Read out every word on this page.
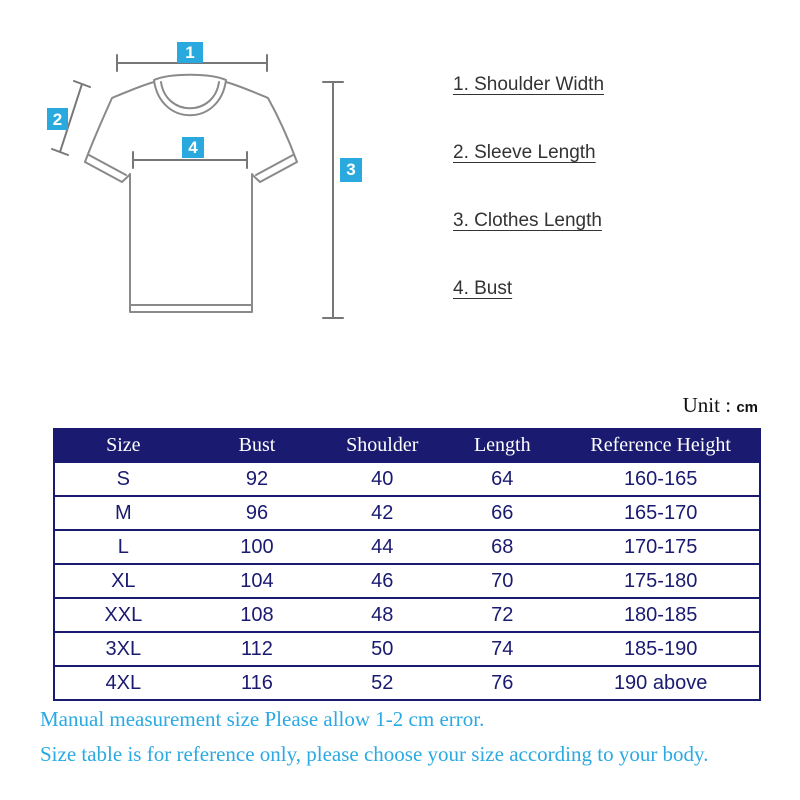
1
2
3
4
1. Shoulder Width
2. Sleeve Length
3. Clothes Length
4. Bust
Unit : cm
Size	Bust	Shoulder	Length	Reference Height
S	92	40	64	160-165
M	96	42	66	165-170
L	100	44	68	170-175
XL	104	46	70	175-180
XXL	108	48	72	180-185
3XL	112	50	74	185-190
4XL	116	52	76	190 above
Manual measurement size Please allow 1-2 cm error.
Size table is for reference only, please choose your size according to your body.
